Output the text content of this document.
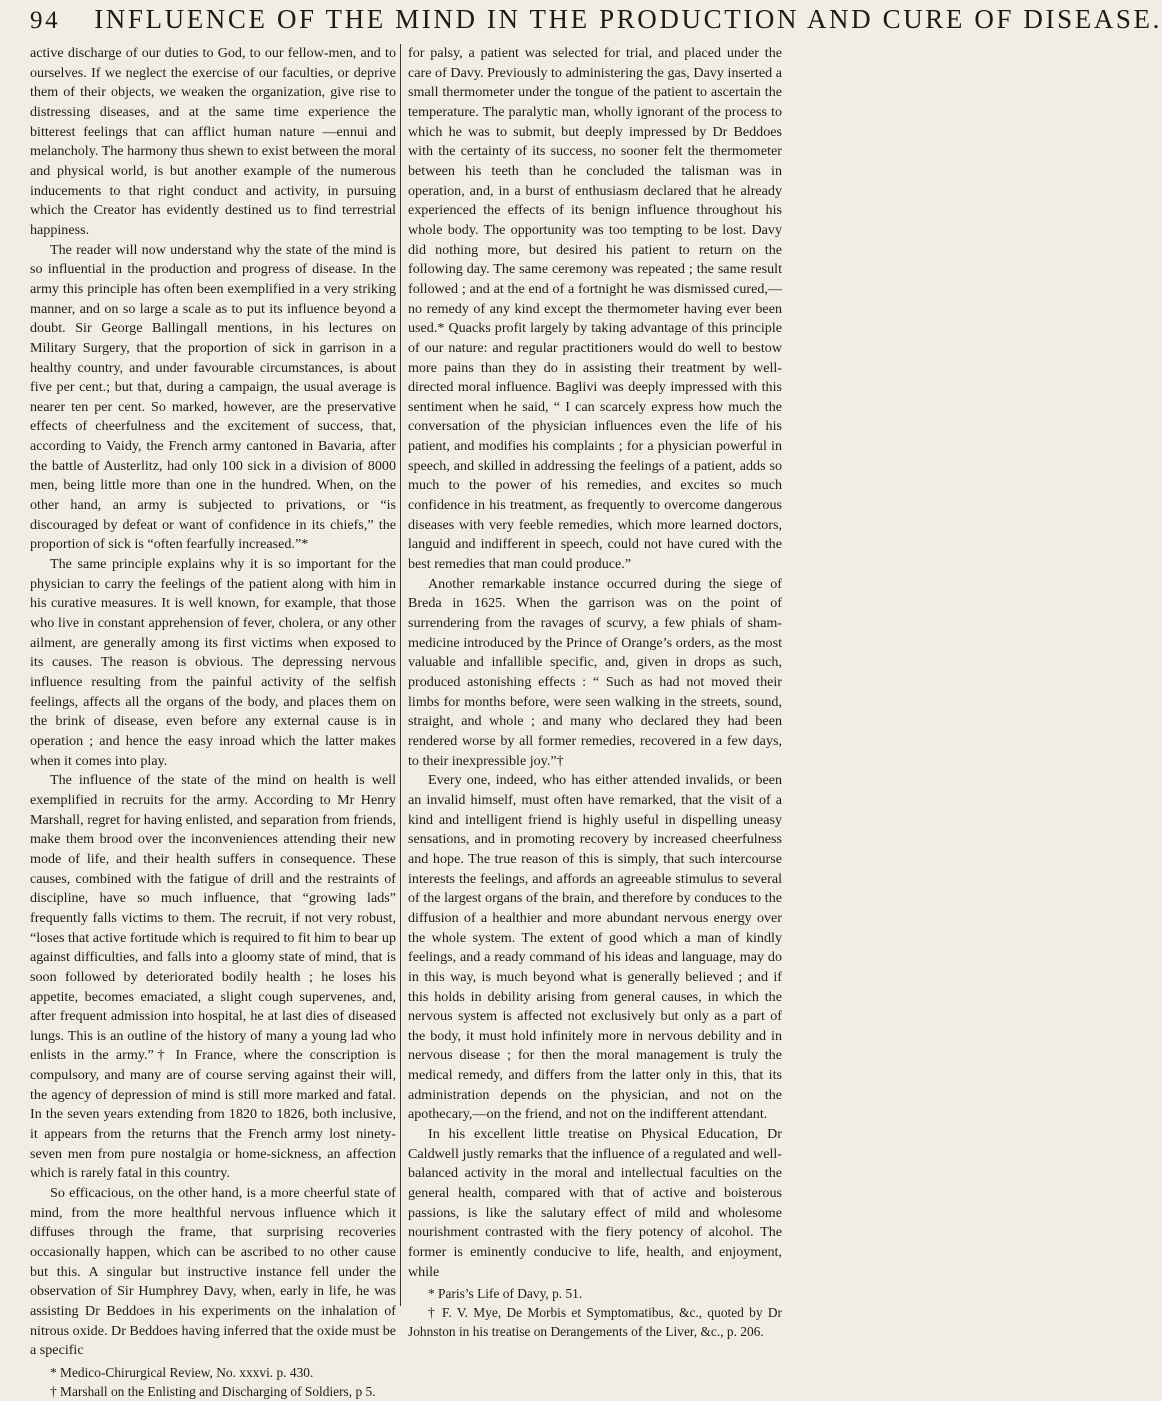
94 INFLUENCE OF THE MIND IN THE PRODUCTION AND CURE OF DISEASE.

active discharge of our duties to God, to our fellow-men, and to ourselves. If we neglect the exercise of our faculties, or deprive them of their objects, we weaken the organization, give rise to distressing diseases, and at the same time experience the bitterest feelings that can afflict human nature —ennui and melancholy. The harmony thus shewn to exist between the moral and physical world, is but another example of the numerous inducements to that right conduct and activity, in pursuing which the Creator has evidently destined us to find terrestrial happiness.

The reader will now understand why the state of the mind is so influential in the production and progress of disease. In the army this principle has often been exemplified in a very striking manner, and on so large a scale as to put its influence beyond a doubt. Sir George Ballingall mentions, in his lectures on Military Surgery, that the proportion of sick in garrison in a healthy country, and under favourable circumstances, is about five per cent.; but that, during a campaign, the usual average is nearer ten per cent. So marked, however, are the preservative effects of cheerfulness and the excitement of success, that, according to Vaidy, the French army cantoned in Bavaria, after the battle of Austerlitz, had only 100 sick in a division of 8000 men, being little more than one in the hundred. When, on the other hand, an army is subjected to privations, or “is discouraged by defeat or want of confidence in its chiefs,” the proportion of sick is “often fearfully increased.”*

The same principle explains why it is so important for the physician to carry the feelings of the patient along with him in his curative measures. It is well known, for example, that those who live in constant apprehension of fever, cholera, or any other ailment, are generally among its first victims when exposed to its causes. The reason is obvious. The depressing nervous influence resulting from the painful activity of the selfish feelings, affects all the organs of the body, and places them on the brink of disease, even before any external cause is in operation ; and hence the easy inroad which the latter makes when it comes into play.

The influence of the state of the mind on health is well exemplified in recruits for the army. According to Mr Henry Marshall, regret for having enlisted, and separation from friends, make them brood over the inconveniences attending their new mode of life, and their health suffers in consequence. These causes, combined with the fatigue of drill and the restraints of discipline, have so much influence, that “growing lads” frequently falls victims to them. The recruit, if not very robust, “loses that active fortitude which is required to fit him to bear up against difficulties, and falls into a gloomy state of mind, that is soon followed by deteriorated bodily health ; he loses his appetite, becomes emaciated, a slight cough supervenes, and, after frequent admission into hospital, he at last dies of diseased lungs. This is an outline of the history of many a young lad who enlists in the army.”† In France, where the conscription is compulsory, and many are of course serving against their will, the agency of depression of mind is still more marked and fatal. In the seven years extending from 1820 to 1826, both inclusive, it appears from the returns that the French army lost ninety-seven men from pure nostalgia or home-sickness, an affection which is rarely fatal in this country.

So efficacious, on the other hand, is a more cheerful state of mind, from the more healthful nervous influence which it diffuses through the frame, that surprising recoveries occasionally happen, which can be ascribed to no other cause but this. A singular but instructive instance fell under the observation of Sir Humphrey Davy, when, early in life, he was assisting Dr Beddoes in his experiments on the inhalation of nitrous oxide. Dr Beddoes having inferred that the oxide must be a specific

* Medico-Chirurgical Review, No. xxxvi. p. 430.

† Marshall on the Enlisting and Discharging of Soldiers, p 5.

for palsy, a patient was selected for trial, and placed under the care of Davy. Previously to administering the gas, Davy inserted a small thermometer under the tongue of the patient to ascertain the temperature. The paralytic man, wholly ignorant of the process to which he was to submit, but deeply impressed by Dr Beddoes with the certainty of its success, no sooner felt the thermometer between his teeth than he concluded the talisman was in operation, and, in a burst of enthusiasm declared that he already experienced the effects of its benign influence throughout his whole body. The opportunity was too tempting to be lost. Davy did nothing more, but desired his patient to return on the following day. The same ceremony was repeated ; the same result followed ; and at the end of a fortnight he was dismissed cured,—no remedy of any kind except the thermometer having ever been used.* Quacks profit largely by taking advantage of this principle of our nature: and regular practitioners would do well to bestow more pains than they do in assisting their treatment by well-directed moral influence. Baglivi was deeply impressed with this sentiment when he said, “ I can scarcely express how much the conversation of the physician influences even the life of his patient, and modifies his complaints ; for a physician powerful in speech, and skilled in addressing the feelings of a patient, adds so much to the power of his remedies, and excites so much confidence in his treatment, as frequently to overcome dangerous diseases with very feeble remedies, which more learned doctors, languid and indifferent in speech, could not have cured with the best remedies that man could produce.”

Another remarkable instance occurred during the siege of Breda in 1625. When the garrison was on the point of surrendering from the ravages of scurvy, a few phials of sham-medicine introduced by the Prince of Orange’s orders, as the most valuable and infallible specific, and, given in drops as such, produced astonishing effects : “ Such as had not moved their limbs for months before, were seen walking in the streets, sound, straight, and whole ; and many who declared they had been rendered worse by all former remedies, recovered in a few days, to their inexpressible joy.”†

Every one, indeed, who has either attended invalids, or been an invalid himself, must often have remarked, that the visit of a kind and intelligent friend is highly useful in dispelling uneasy sensations, and in promoting recovery by increased cheerfulness and hope. The true reason of this is simply, that such intercourse interests the feelings, and affords an agreeable stimulus to several of the largest organs of the brain, and therefore by conduces to the diffusion of a healthier and more abundant nervous energy over the whole system. The extent of good which a man of kindly feelings, and a ready command of his ideas and language, may do in this way, is much beyond what is generally believed ; and if this holds in debility arising from general causes, in which the nervous system is affected not exclusively but only as a part of the body, it must hold infinitely more in nervous debility and in nervous disease ; for then the moral management is truly the medical remedy, and differs from the latter only in this, that its administration depends on the physician, and not on the apothecary,—on the friend, and not on the indifferent attendant.

In his excellent little treatise on Physical Education, Dr Caldwell justly remarks that the influence of a regulated and well-balanced activity in the moral and intellectual faculties on the general health, compared with that of active and boisterous passions, is like the salutary effect of mild and wholesome nourishment contrasted with the fiery potency of alcohol. The former is eminently conducive to life, health, and enjoyment, while

* Paris’s Life of Davy, p. 51.

† F. V. Mye, De Morbis et Symptomatibus, &c., quoted by Dr Johnston in his treatise on Derangements of the Liver, &c., p. 206.
